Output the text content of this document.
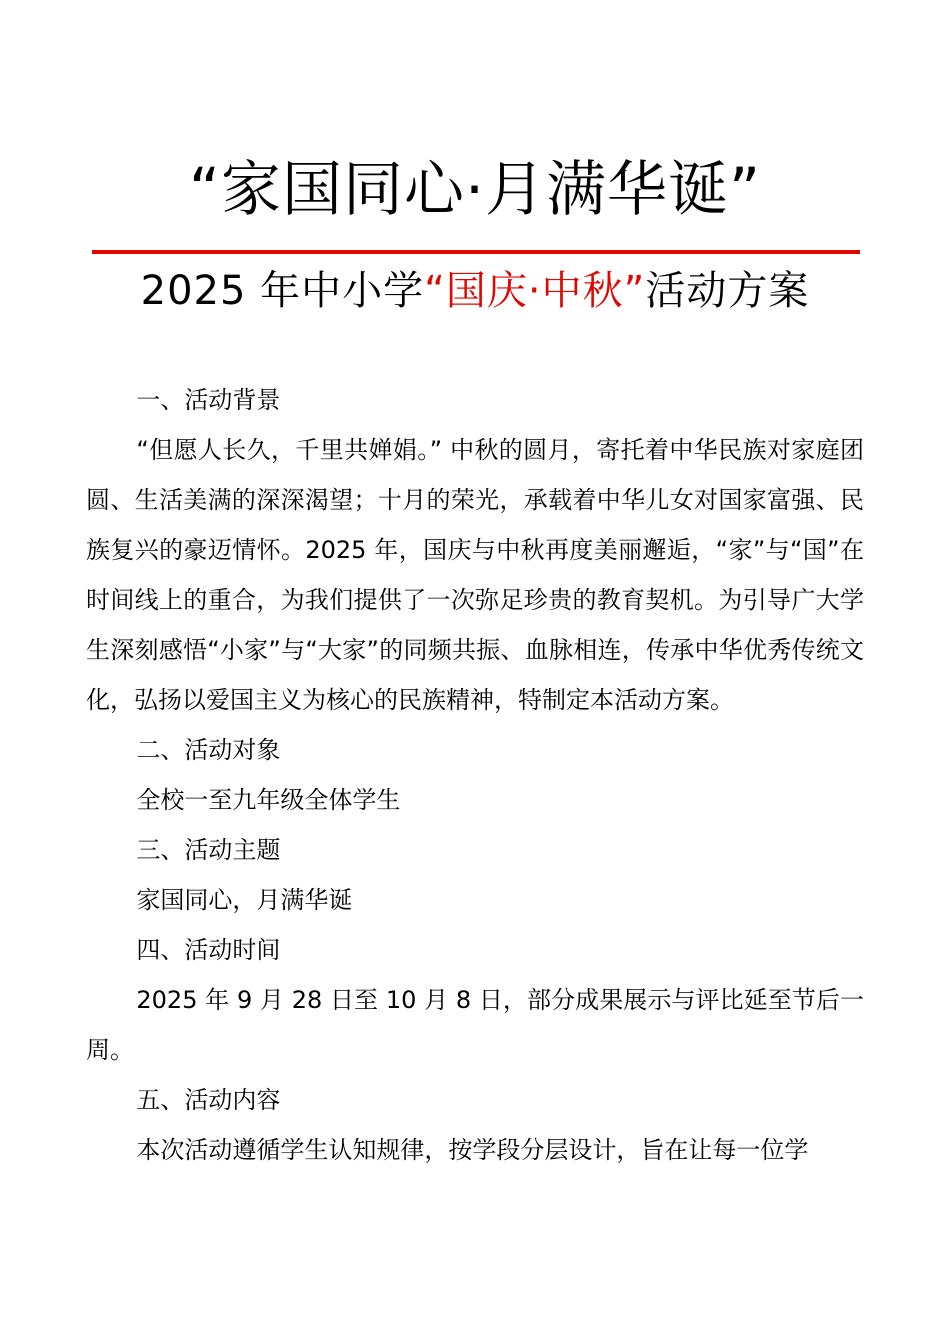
“家国同心·月满华诞”
2025 年中小学“国庆·中秋”活动方案

一、活动背景

“但愿人长久，千里共婵娟。” 中秋的圆月，寄托着中华民族对家庭团圆、生活美满的深深渴望；十月的荣光，承载着中华儿女对国家富强、民族复兴的豪迈情怀。2025 年，国庆与中秋再度美丽邂逅，“家”与“国”在时间线上的重合，为我们提供了一次弥足珍贵的教育契机。为引导广大学生深刻感悟“小家”与“大家”的同频共振、血脉相连，传承中华优秀传统文化，弘扬以爱国主义为核心的民族精神，特制定本活动方案。

二、活动对象

全校一至九年级全体学生

三、活动主题

家国同心，月满华诞

四、活动时间

2025 年 9 月 28 日至 10 月 8 日，部分成果展示与评比延至节后一周。

五、活动内容

本次活动遵循学生认知规律，按学段分层设计，旨在让每一位学
